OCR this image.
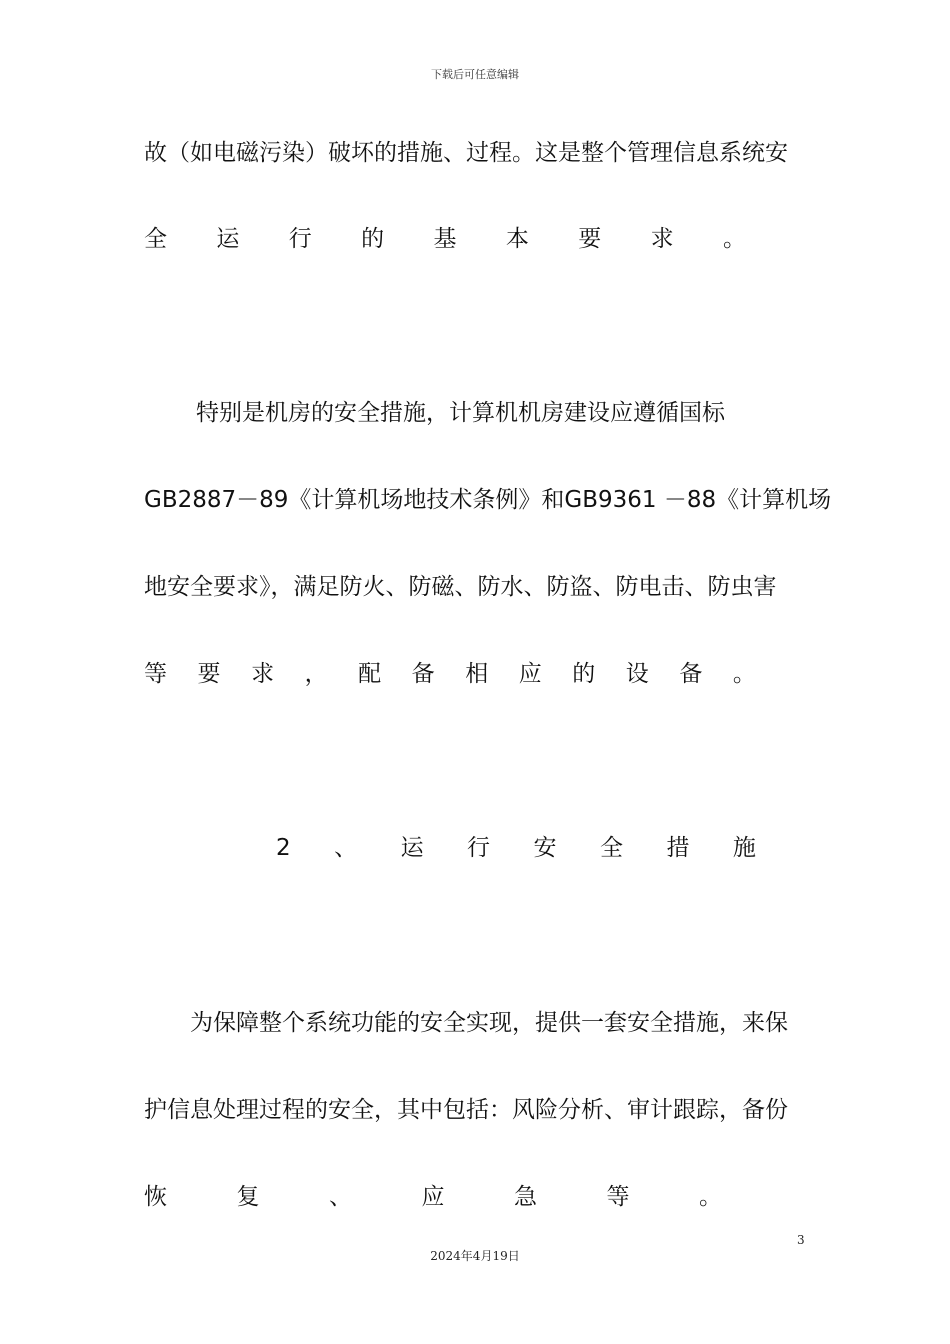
下载后可任意编辑
故（如电磁污染）破坏的措施、过程。这是整个管理信息系统安
全 运 行 的 基 本 要 求 。
特别是机房的安全措施，计算机机房建设应遵循国标
GB2887－89《计算机场地技术条例》和GB9361 －88《计算机场
地安全要求》，满足防火、防磁、防水、防盗、防电击、防虫害
等 要 求 ， 配 备 相 应 的 设 备 。
2 、 运 行 安 全 措 施
为保障整个系统功能的安全实现，提供一套安全措施，来保
护信息处理过程的安全，其中包括：风险分析、审计跟踪，备份
恢	复	、	应	急	等	。
3
2024年4月19日
